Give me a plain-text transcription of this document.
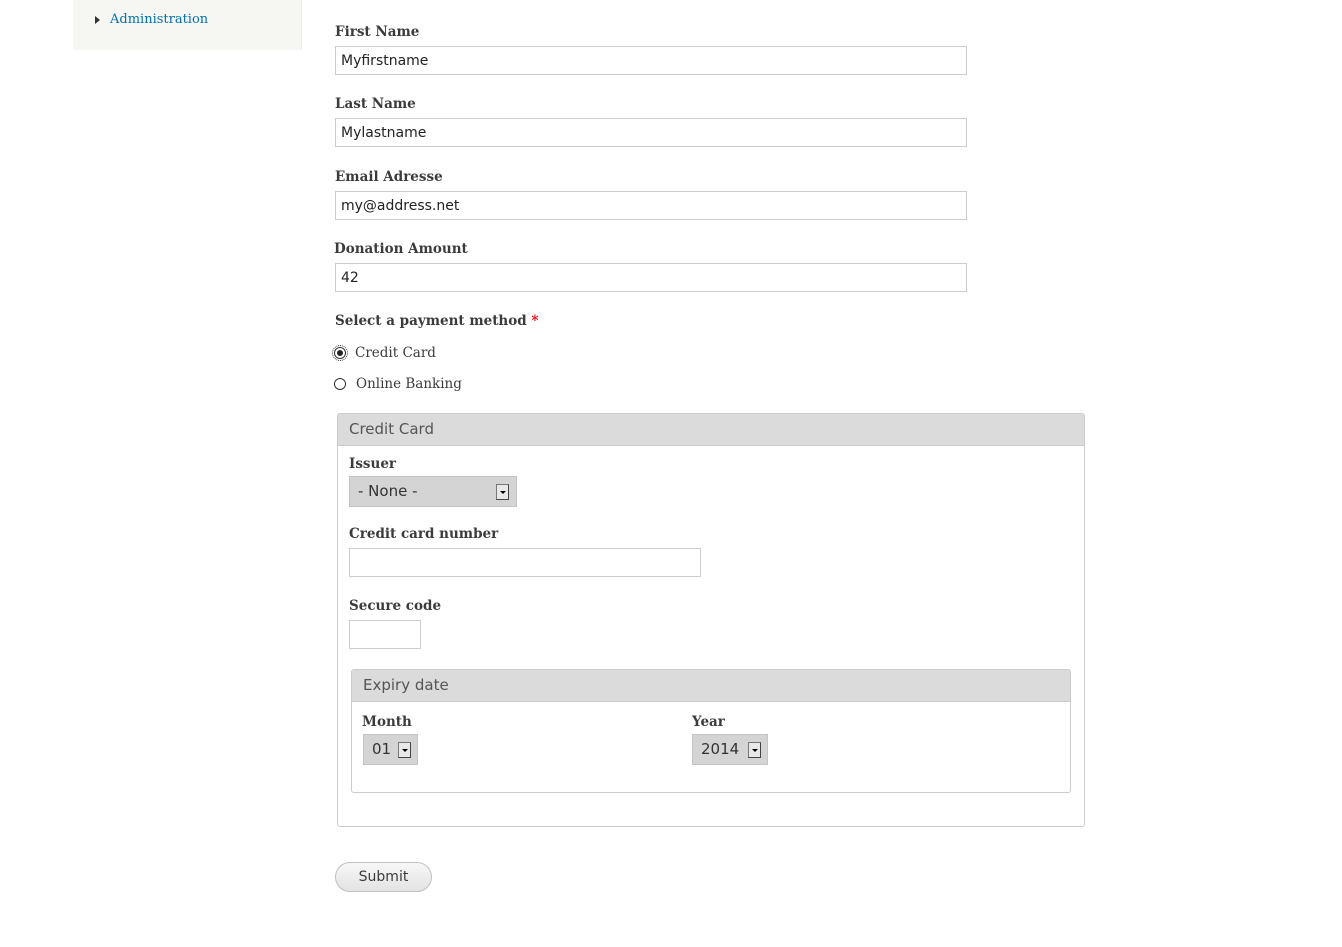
Administration
First Name
Myfirstname
Last Name
Mylastname
Email Adresse
my@address.net
Donation Amount
42
Select a payment method *
Credit Card
Online Banking
Credit Card
Issuer
- None -
Credit card number
Secure code
Expiry date
Month
01
Year
2014
Submit
